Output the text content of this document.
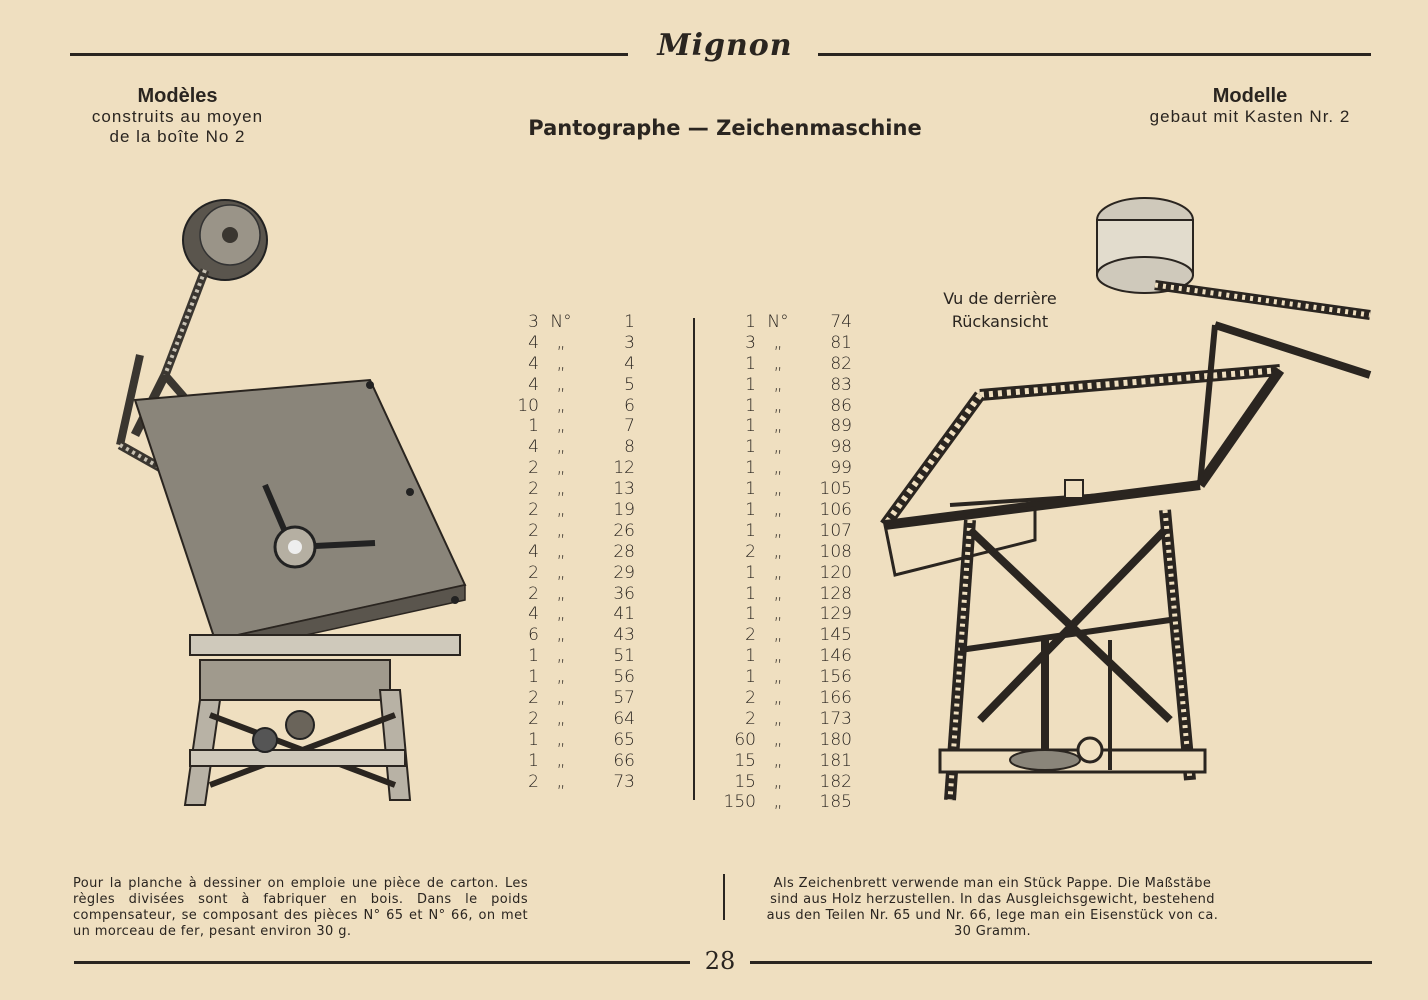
Mignon
Modèles
construits au moyen
de la boîte No 2	Pantographe — Zeichenmaschine
Modelle
gebaut mit Kasten Nr. 2
3 N°	1
4	„	3
4	„	4
4	„	5
10	„	6
1	„	7
4	„	8
2	„	12
2	„	13
2	„	19
2	„	26
4	„	28
2	„	29
2	„	36
4	„	41
6	„	43
1	„	51
1	„	56
2	„	57
2	„	64
1	„	65
1	„	66
2	„	73
1 N°	74
3	„	81
1	„	82
1	„	83
1	„	86
1	„	89
1	„	98
1	„	99
1	„	105
1	„	106
1	„	107
2	„	108
1	„	120
1	„	128
1	„	129
2	„	145
1	„	146
1	„	156
2	„	166
2	„	173
60	„	180
15	„	181
15	„	182
150	„	185
Vu de derrière
Rückansicht
Pour la planche à dessiner on emploie une pièce de carton. Les règles divisées sont à fabriquer en bois. Dans le poids compensateur, se composant des pièces N° 65 et N° 66, on met un morceau de fer, pesant environ 30 g.
Als Zeichenbrett verwende man ein Stück Pappe. Die Maßstäbe sind aus Holz herzustellen. In das Ausgleichsgewicht, bestehend aus den Teilen Nr. 65 und Nr. 66, lege man ein Eisenstück von ca. 30 Gramm.
28
